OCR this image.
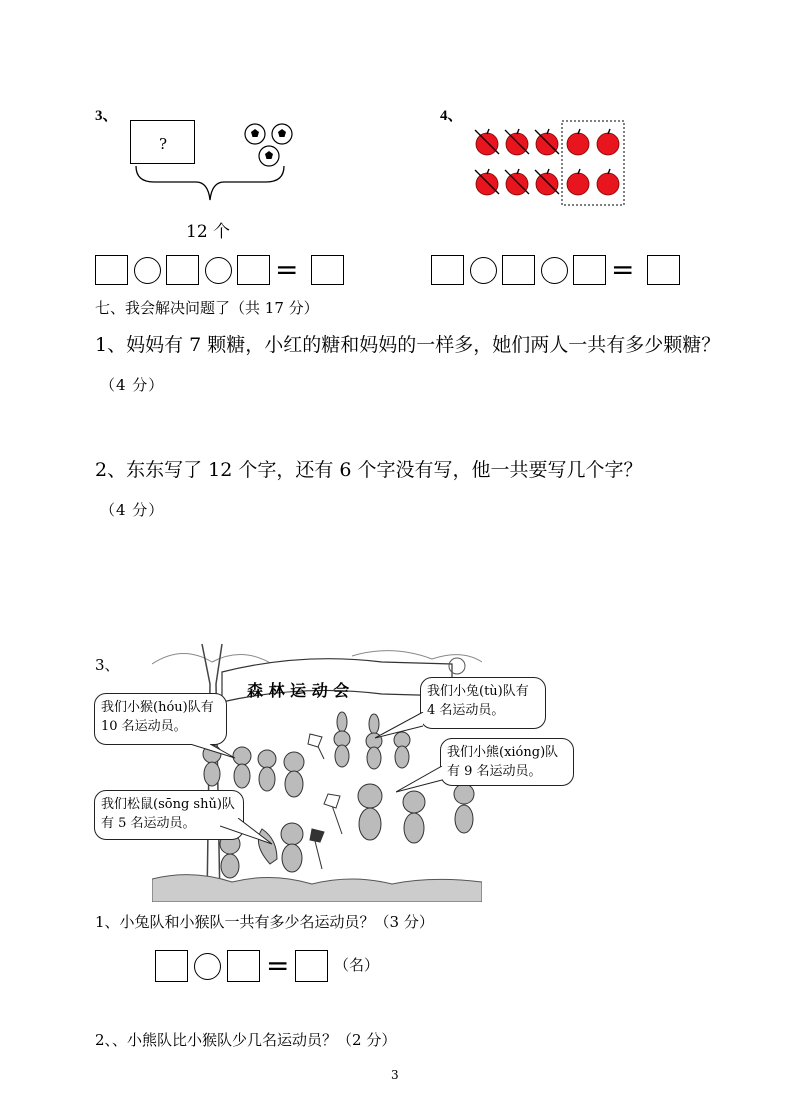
3、
?
12 个
=
4、
=
七、我会解决问题了（共 17 分）
1、妈妈有 7 颗糖，小红的糖和妈妈的一样多，她们两人一共有多少颗糖？
（4 分）
2、东东写了 12 个字，还有 6 个字没有写，他一共要写几个字？
（4 分）
3、
森 林 运 动 会
我们小猴(hóu)队有 10 名运动员。
我们小兔(tù)队有 4 名运动员。
我们小熊(xióng)队有 9 名运动员。
我们松鼠(sōng shǔ)队有 5 名运动员。
1、小兔队和小猴队一共有多少名运动员？（3 分）
=	（名）
2、、小熊队比小猴队少几名运动员？（2 分）
3
